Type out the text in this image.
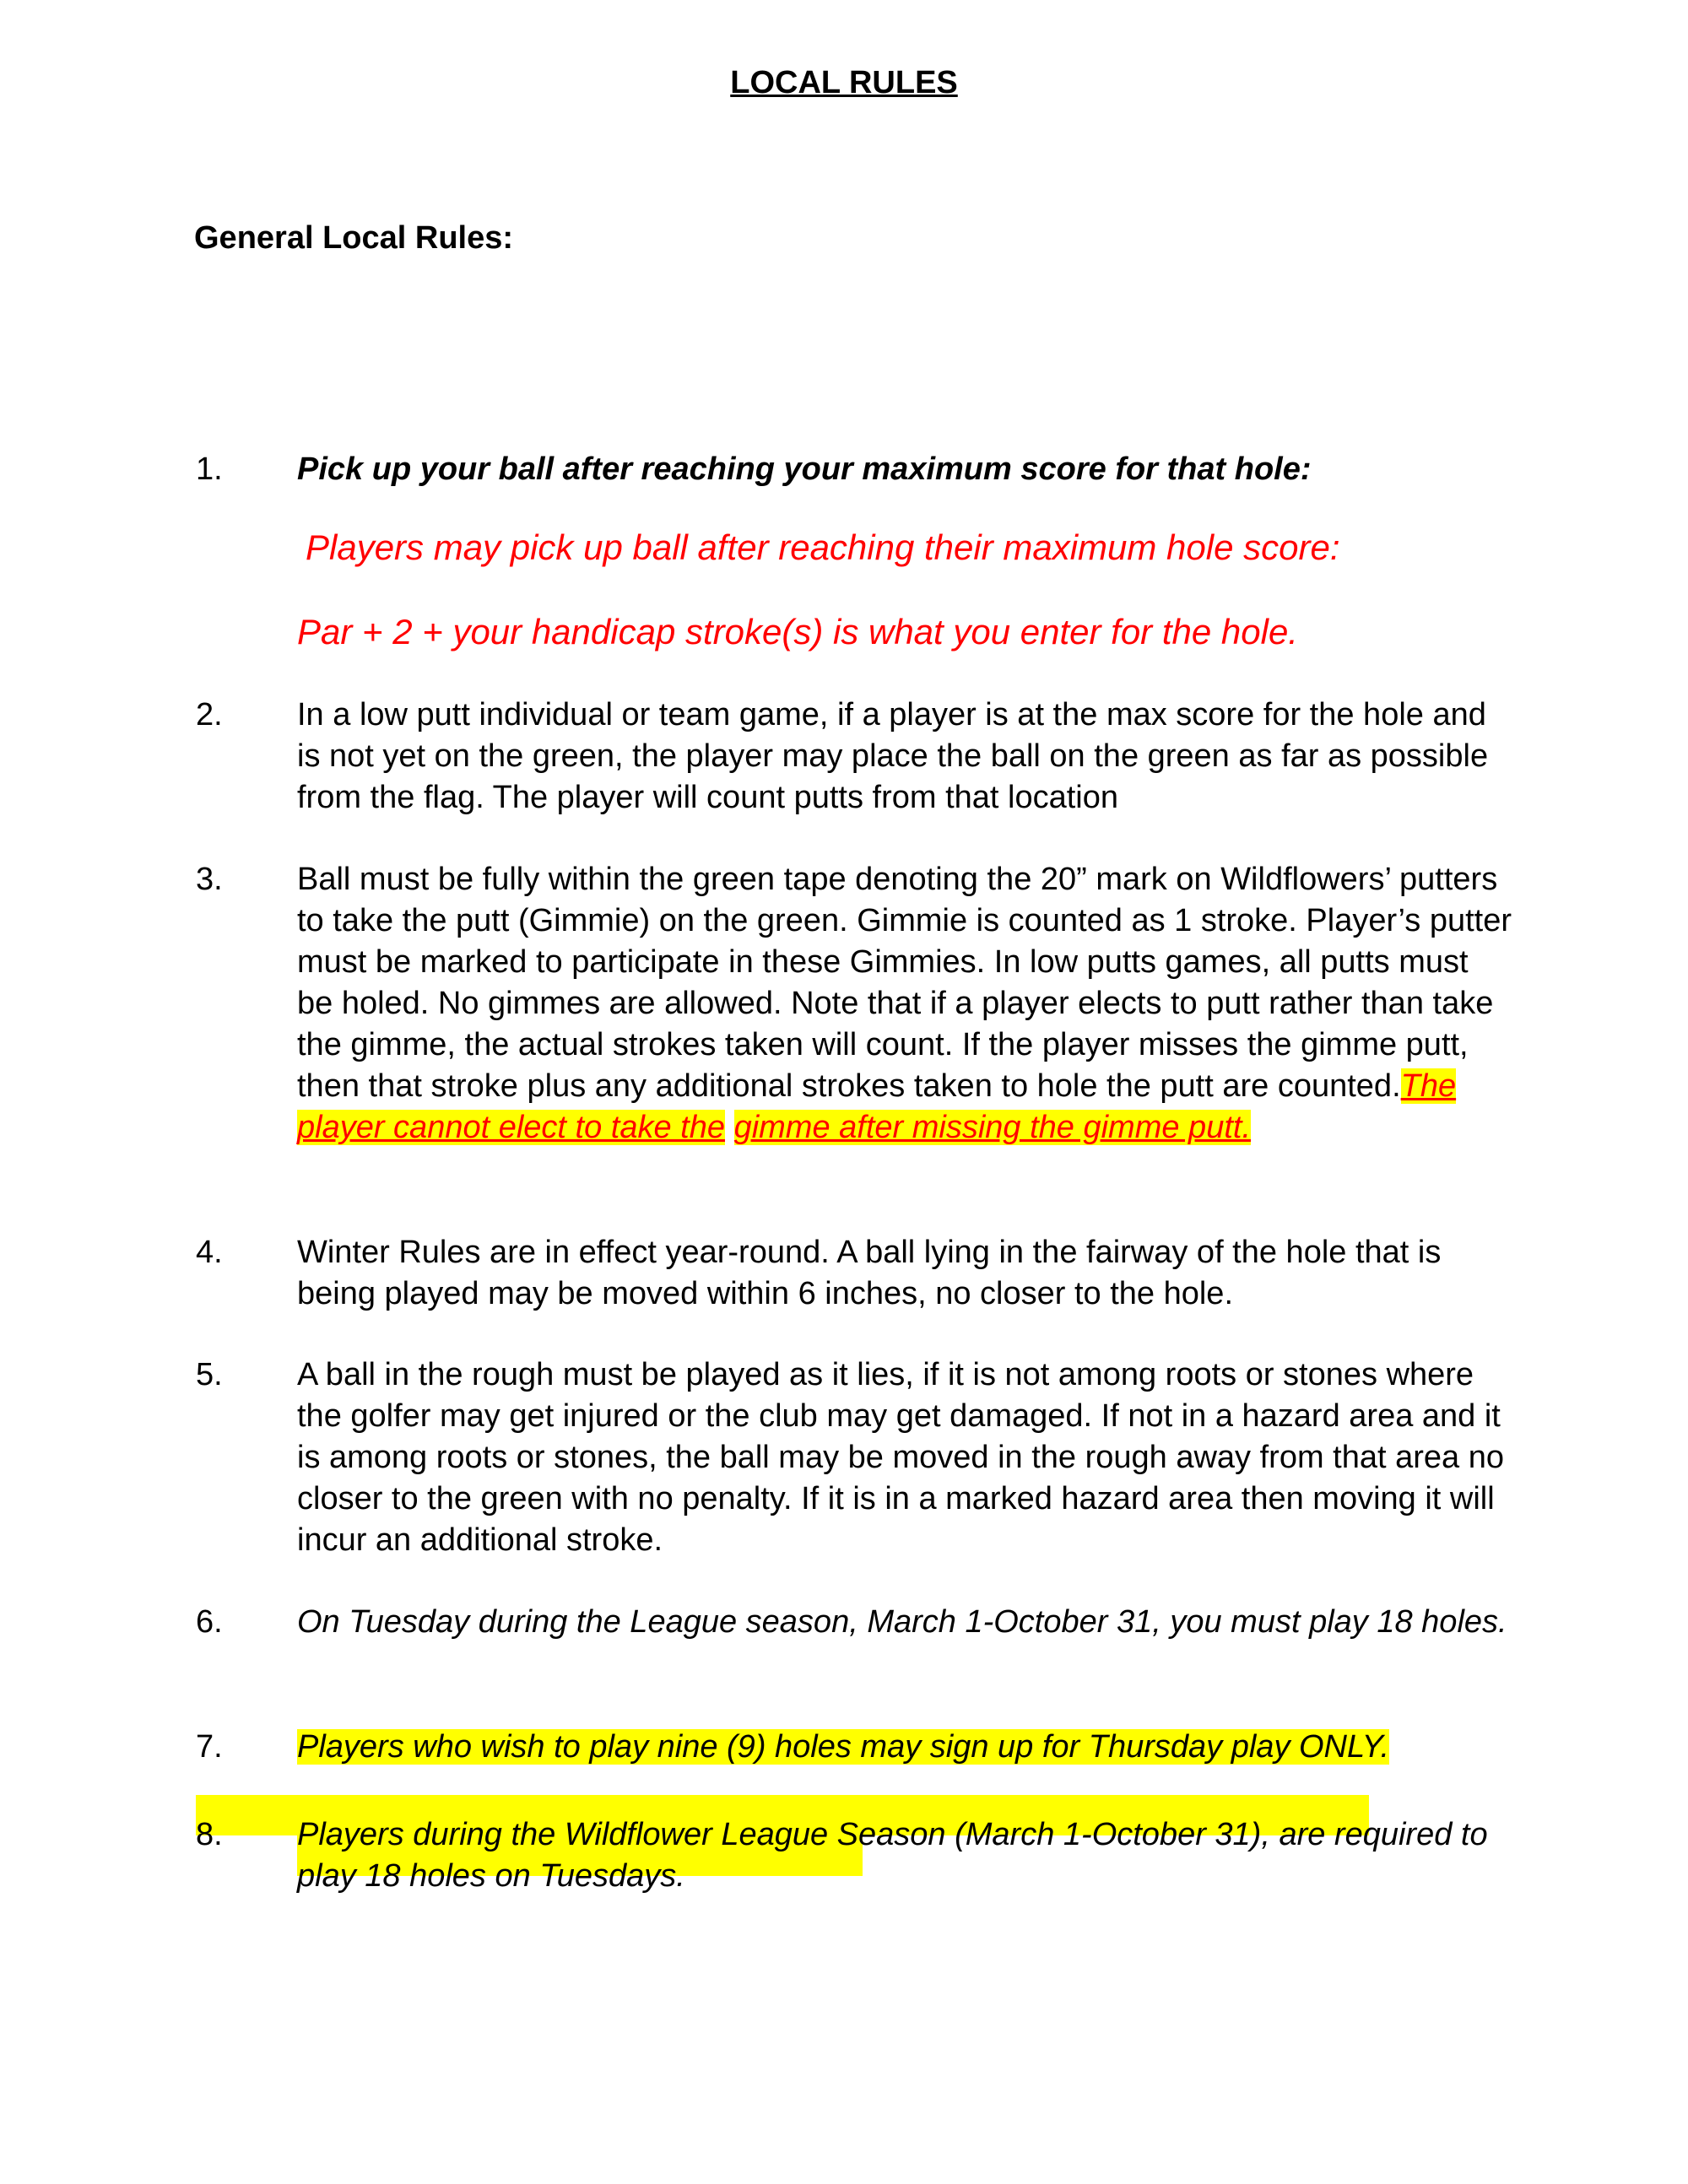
LOCAL RULES
General Local Rules:
1. Pick up your ball after reaching your maximum score for that hole:
Players may pick up ball after reaching their maximum hole score:
Par + 2 + your handicap stroke(s) is what you enter for the hole.
2. In a low putt individual or team game, if a player is at the max score for the hole and is not yet on the green, the player may place the ball on the green as far as possible from the flag. The player will count putts from that location
3. Ball must be fully within the green tape denoting the 20” mark on Wildflowers’ putters to take the putt (Gimmie) on the green. Gimmie is counted as 1 stroke. Player’s putter must be marked to participate in these Gimmies. In low putts games, all putts must be holed. No gimmes are allowed. Note that if a player elects to putt rather than take the gimme, the actual strokes taken will count. If the player misses the gimme putt, then that stroke plus any additional strokes taken to hole the putt are counted.The player cannot elect to take the gimme after missing the gimme putt.
4. Winter Rules are in effect year-round. A ball lying in the fairway of the hole that is being played may be moved within 6 inches, no closer to the hole.
5. A ball in the rough must be played as it lies, if it is not among roots or stones where the golfer may get injured or the club may get damaged. If not in a hazard area and it is among roots or stones, the ball may be moved in the rough away from that area no closer to the green with no penalty. If it is in a marked hazard area then moving it will incur an additional stroke.
6. On Tuesday during the League season, March 1-October 31, you must play 18 holes.
7. Players who wish to play nine (9) holes may sign up for Thursday play ONLY.
8. Players during the Wildflower League Season (March 1-October 31), are required to play 18 holes on Tuesdays.
